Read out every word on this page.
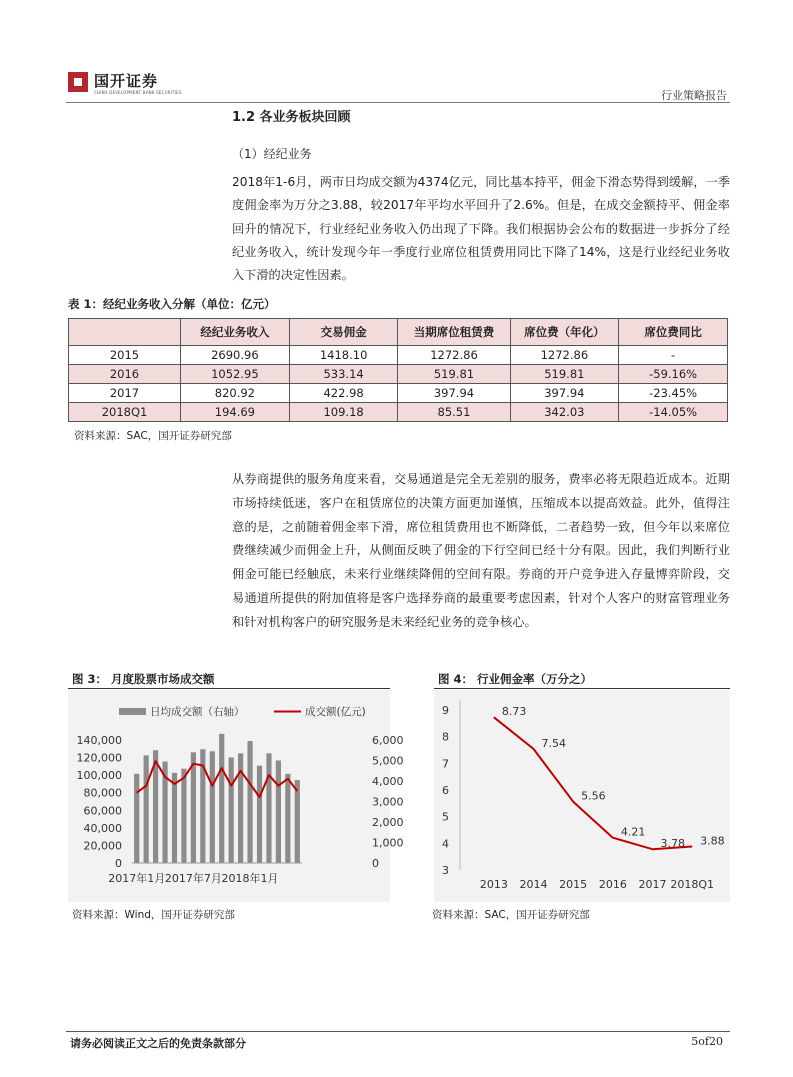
国开证券
CHINA DEVELOPMENT BANK SECURITIES	行业策略报告
1.2 各业务板块回顾
（1）经纪业务
2018年1-6月，两市日均成交额为4374亿元，同比基本持平，佣金下滑态势得到缓解，一季度佣金率为万分之3.88，较2017年平均水平回升了2.6%。但是，在成交金额持平、佣金率回升的情况下，行业经纪业务收入仍出现了下降。我们根据协会公布的数据进一步拆分了经纪业务收入，统计发现今年一季度行业席位租赁费用同比下降了14%，这是行业经纪业务收入下滑的决定性因素。
表 1：经纪业务收入分解（单位：亿元）
	经纪业务收入	交易佣金	当期席位租赁费	席位费（年化）	席位费同比
2015	2690.96	1418.10	1272.86	1272.86	-
2016	1052.95	533.14	519.81	519.81	-59.16%
2017	820.92	422.98	397.94	397.94	-23.45%
2018Q1	194.69	109.18	85.51	342.03	-14.05%
资料来源：SAC，国开证券研究部
从券商提供的服务角度来看，交易通道是完全无差别的服务，费率必将无限趋近成本。近期市场持续低迷，客户在租赁席位的决策方面更加谨慎，压缩成本以提高效益。此外，值得注意的是，之前随着佣金率下滑，席位租赁费用也不断降低，二者趋势一致，但今年以来席位费继续减少而佣金上升，从侧面反映了佣金的下行空间已经十分有限。因此，我们判断行业佣金可能已经触底，未来行业继续降佣的空间有限。券商的开户竞争进入存量博弈阶段，交易通道所提供的附加值将是客户选择券商的最重要考虑因素，针对个人客户的财富管理业务和针对机构客户的研究服务是未来经纪业务的竞争核心。
图 3： 月度股票市场成交额	图 4： 行业佣金率（万分之）
日均成交额（右轴）	成交额(亿元)
0
20,000
40,000
60,000
80,000
100,000
120,000
140,000
0
1,000
2,000
3,000
4,000
5,000
6,000
2017年1月 2017年7月 2018年1月
3
4
5
6
7
8
9	8.73
7.54
5.56
4.21
3.78 3.88
2013 2014 2015 2016 2017 2018Q1
资料来源：Wind，国开证券研究部	资料来源：SAC，国开证券研究部
请务必阅读正文之后的免责条款部分	5of20
